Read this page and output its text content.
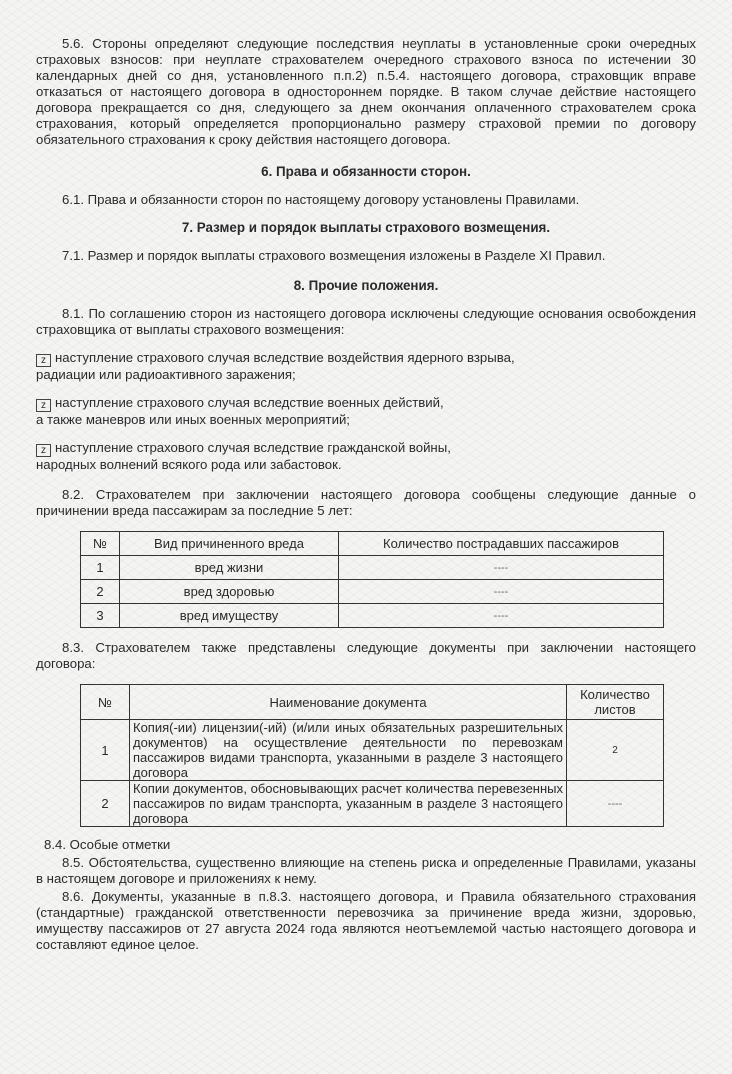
5.6. Стороны определяют следующие последствия неуплаты в установленные сроки очередных страховых взносов: при неуплате страхователем очередного страхового взноса по истечении 30 календарных дней со дня, установленного п.п.2) п.5.4. настоящего договора, страховщик вправе отказаться от настоящего договора в одностороннем порядке. В таком случае действие настоящего договора прекращается со дня, следующего за днем окончания оплаченного страхователем срока страхования, который определяется пропорционально размеру страховой премии по договору обязательного страхования к сроку действия настоящего договора.

6. Права и обязанности сторон.

6.1. Права и обязанности сторон по настоящему договору установлены Правилами.

7. Размер и порядок выплаты страхового возмещения.

7.1. Размер и порядок выплаты страхового возмещения изложены в Разделе XI Правил.

8. Прочие положения.

8.1. По соглашению сторон из настоящего договора исключены следующие основания освобождения страховщика от выплаты страхового возмещения:

z наступление страхового случая вследствие воздействия ядерного взрыва,
радиации или радиоактивного заражения;
z наступление страхового случая вследствие военных действий,
а также маневров или иных военных мероприятий;
z наступление страхового случая вследствие гражданской войны,
народных волнений всякого рода или забастовок.

8.2. Страхователем при заключении настоящего договора сообщены следующие данные о причинении вреда пассажирам за последние 5 лет:

№	Вид причиненного вреда	Количество пострадавших пассажиров
1	вред жизни	----
2	вред здоровью	----
3	вред имуществу	----

8.3. Страхователем также представлены следующие документы при заключении настоящего договора:

№	Наименование документа	Количество листов
1	Копия(-ии) лицензии(-ий) (и/или иных обязательных разрешительных документов) на осуществление деятельности по перевозкам пассажиров видами транспорта, указанными в разделе 3 настоящего договора	2
2	Копии документов, обосновывающих расчет количества перевезенных пассажиров по видам транспорта, указанным в разделе 3 настоящего договора	----

8.4. Особые отметки

8.5. Обстоятельства, существенно влияющие на степень риска и определенные Правилами, указаны в настоящем договоре и приложениях к нему.

8.6. Документы, указанные в п.8.3. настоящего договора, и Правила обязательного страхования (стандартные) гражданской ответственности перевозчика за причинение вреда жизни, здоровью, имуществу пассажиров от 27 августа 2024 года являются неотъемлемой частью настоящего договора и составляют единое целое.
